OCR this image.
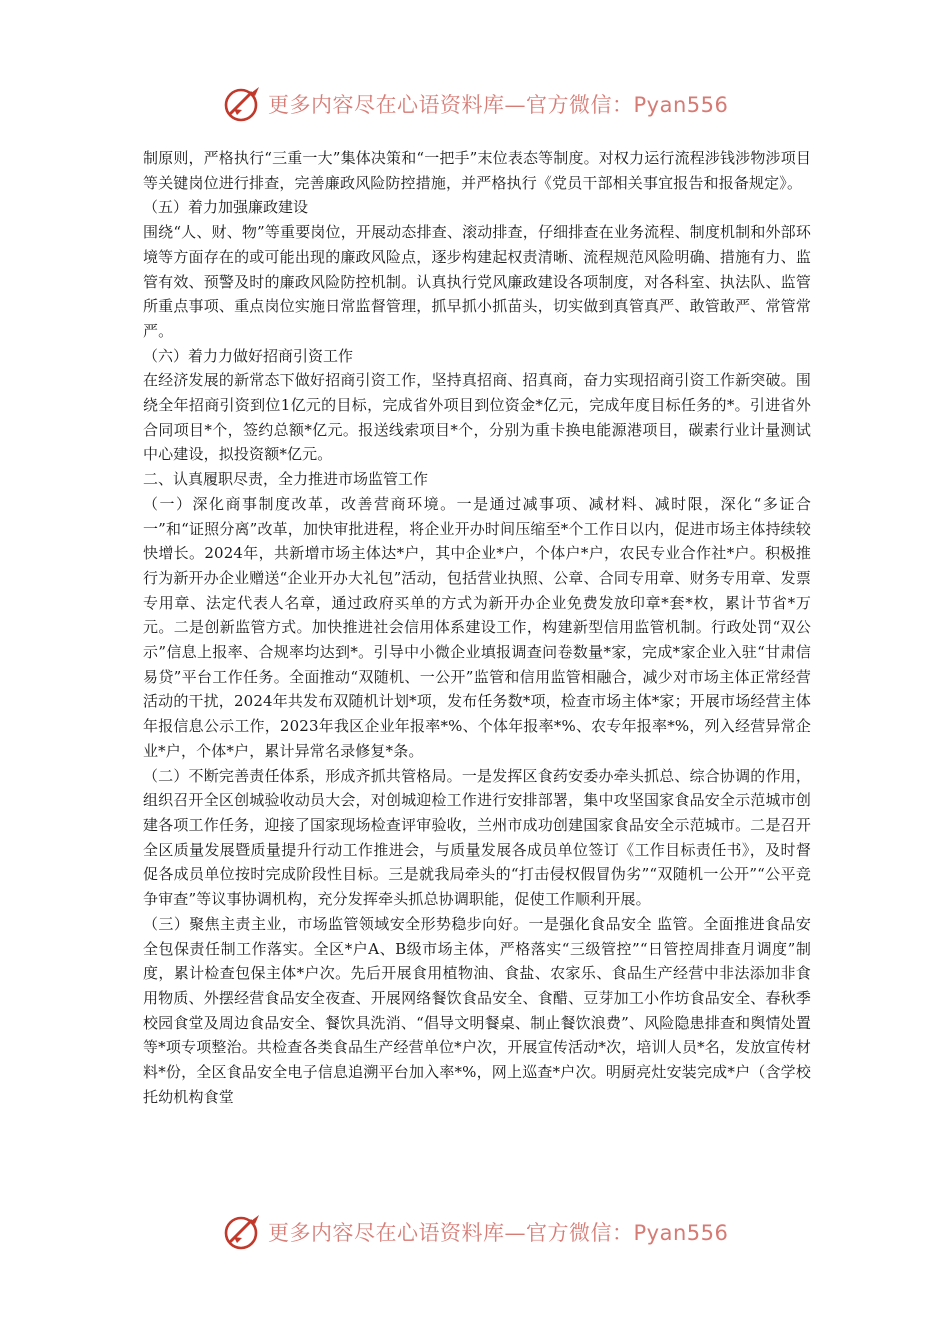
更多内容尽在心语资料库—官方微信：Pyan556

制原则，严格执行“三重一大”集体决策和“一把手”末位表态等制度。对权力运行流程涉钱涉物涉项目等关键岗位进行排查，完善廉政风险防控措施，并严格执行《党员干部相关事宜报告和报备规定》。

（五）着力加强廉政建设

围绕“人、财、物”等重要岗位，开展动态排查、滚动排查，仔细排查在业务流程、制度机制和外部环境等方面存在的或可能出现的廉政风险点，逐步构建起权责清晰、流程规范风险明确、措施有力、监管有效、预警及时的廉政风险防控机制。认真执行党风廉政建设各项制度，对各科室、执法队、监管所重点事项、重点岗位实施日常监督管理，抓早抓小抓苗头，切实做到真管真严、敢管敢严、常管常严。

（六）着力力做好招商引资工作

在经济发展的新常态下做好招商引资工作，坚持真招商、招真商，奋力实现招商引资工作新突破。围绕全年招商引资到位1亿元的目标，完成省外项目到位资金*亿元，完成年度目标任务的*。引进省外合同项目*个，签约总额*亿元。报送线索项目*个，分别为重卡换电能源港项目，碳素行业计量测试中心建设，拟投资额*亿元。

二、认真履职尽责，全力推进市场监管工作

（一）深化商事制度改革，改善营商环境。一是通过减事项、减材料、减时限，深化“多证合一”和“证照分离”改革，加快审批进程，将企业开办时间压缩至*个工作日以内，促进市场主体持续较快增长。2024年，共新增市场主体达*户，其中企业*户，个体户*户，农民专业合作社*户。积极推行为新开办企业赠送“企业开办大礼包”活动，包括营业执照、公章、合同专用章、财务专用章、发票专用章、法定代表人名章，通过政府买单的方式为新开办企业免费发放印章*套*枚，累计节省*万元。二是创新监管方式。加快推进社会信用体系建设工作，构建新型信用监管机制。行政处罚“双公示”信息上报率、合规率均达到*。引导中小微企业填报调查问卷数量*家，完成*家企业入驻“甘肃信易贷”平台工作任务。全面推动“双随机、一公开”监管和信用监管相融合，减少对市场主体正常经营活动的干扰，2024年共发布双随机计划*项，发布任务数*项，检查市场主体*家；开展市场经营主体年报信息公示工作，2023年我区企业年报率*%、个体年报率*%、农专年报率*%，列入经营异常企业*户，个体*户，累计异常名录修复*条。

（二）不断完善责任体系，形成齐抓共管格局。一是发挥区食药安委办牵头抓总、综合协调的作用，组织召开全区创城验收动员大会，对创城迎检工作进行安排部署，集中攻坚国家食品安全示范城市创建各项工作任务，迎接了国家现场检查评审验收，兰州市成功创建国家食品安全示范城市。二是召开全区质量发展暨质量提升行动工作推进会，与质量发展各成员单位签订《工作目标责任书》，及时督促各成员单位按时完成阶段性目标。三是就我局牵头的“打击侵权假冒伪劣”“双随机一公开”“公平竞争审查”等议事协调机构，充分发挥牵头抓总协调职能，促使工作顺利开展。

（三）聚焦主责主业，市场监管领域安全形势稳步向好。一是强化食品安全 监管。全面推进食品安全包保责任制工作落实。全区*户A、B级市场主体，严格落实“三级管控”“日管控周排查月调度”制度，累计检查包保主体*户次。先后开展食用植物油、食盐、农家乐、食品生产经营中非法添加非食用物质、外摆经营食品安全夜查、开展网络餐饮食品安全、食醋、豆芽加工小作坊食品安全、春秋季校园食堂及周边食品安全、餐饮具洗消、“倡导文明餐桌、制止餐饮浪费”、风险隐患排查和舆情处置等*项专项整治。共检查各类食品生产经营单位*户次，开展宣传活动*次，培训人员*名，发放宣传材料*份，全区食品安全电子信息追溯平台加入率*%，网上巡查*户次。明厨亮灶安装完成*户（含学校托幼机构食堂

更多内容尽在心语资料库—官方微信：Pyan556
